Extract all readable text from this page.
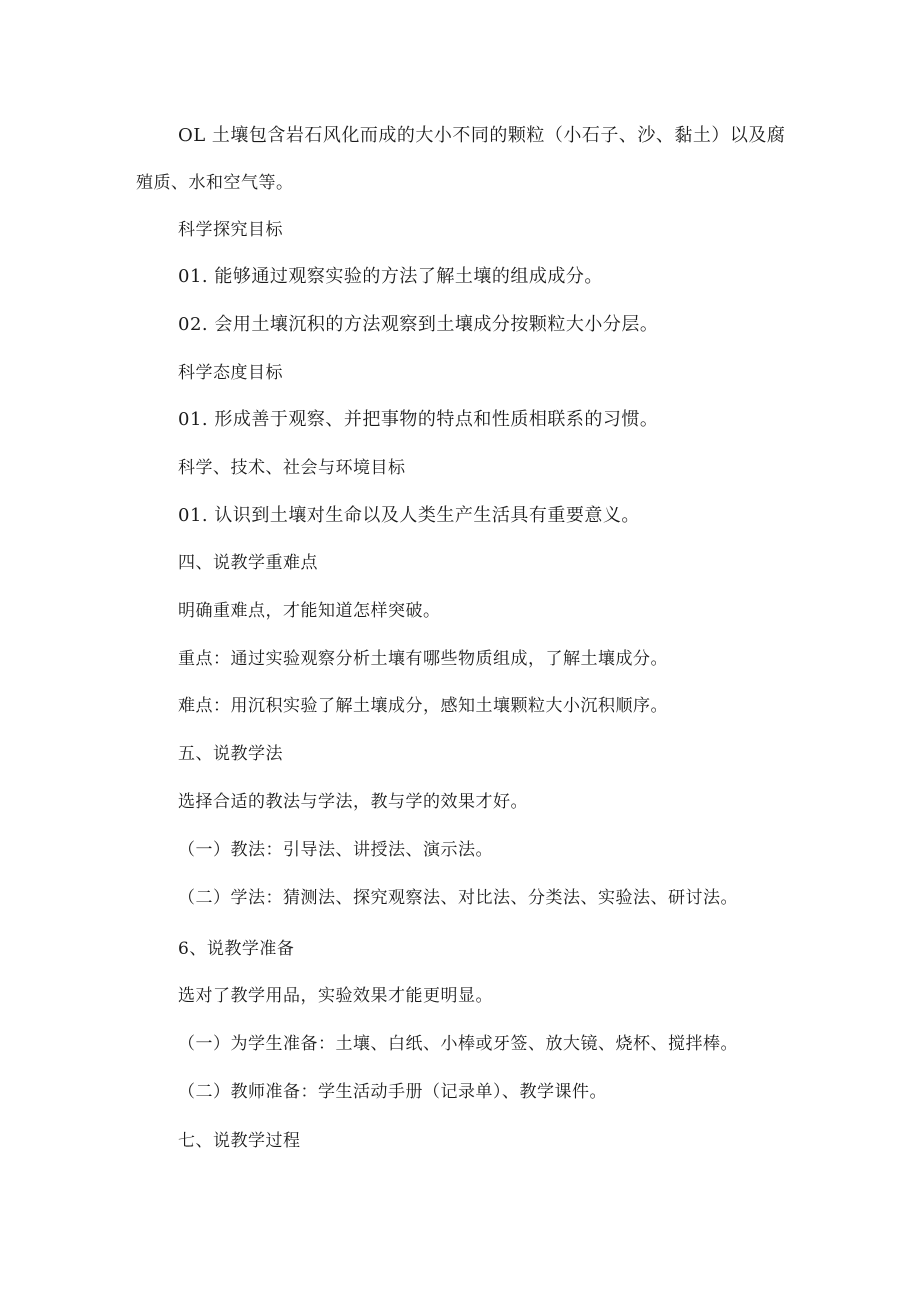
OL 土壤包含岩石风化而成的大小不同的颗粒（小石子、沙、黏土）以及腐
殖质、水和空气等。
科学探究目标
01. 能够通过观察实验的方法了解土壤的组成成分。
02. 会用土壤沉积的方法观察到土壤成分按颗粒大小分层。
科学态度目标
01. 形成善于观察、并把事物的特点和性质相联系的习惯。
科学、技术、社会与环境目标
01. 认识到土壤对生命以及人类生产生活具有重要意义。
四、说教学重难点
明确重难点，才能知道怎样突破。
重点：通过实验观察分析土壤有哪些物质组成，了解土壤成分。
难点：用沉积实验了解土壤成分，感知土壤颗粒大小沉积顺序。
五、说教学法
选择合适的教法与学法，教与学的效果才好。
（一）教法：引导法、讲授法、演示法。
（二）学法：猜测法、探究观察法、对比法、分类法、实验法、研讨法。
6、说教学准备
选对了教学用品，实验效果才能更明显。
（一）为学生准备：土壤、白纸、小棒或牙签、放大镜、烧杯、搅拌棒。
（二）教师准备：学生活动手册（记录单）、教学课件。
七、说教学过程
